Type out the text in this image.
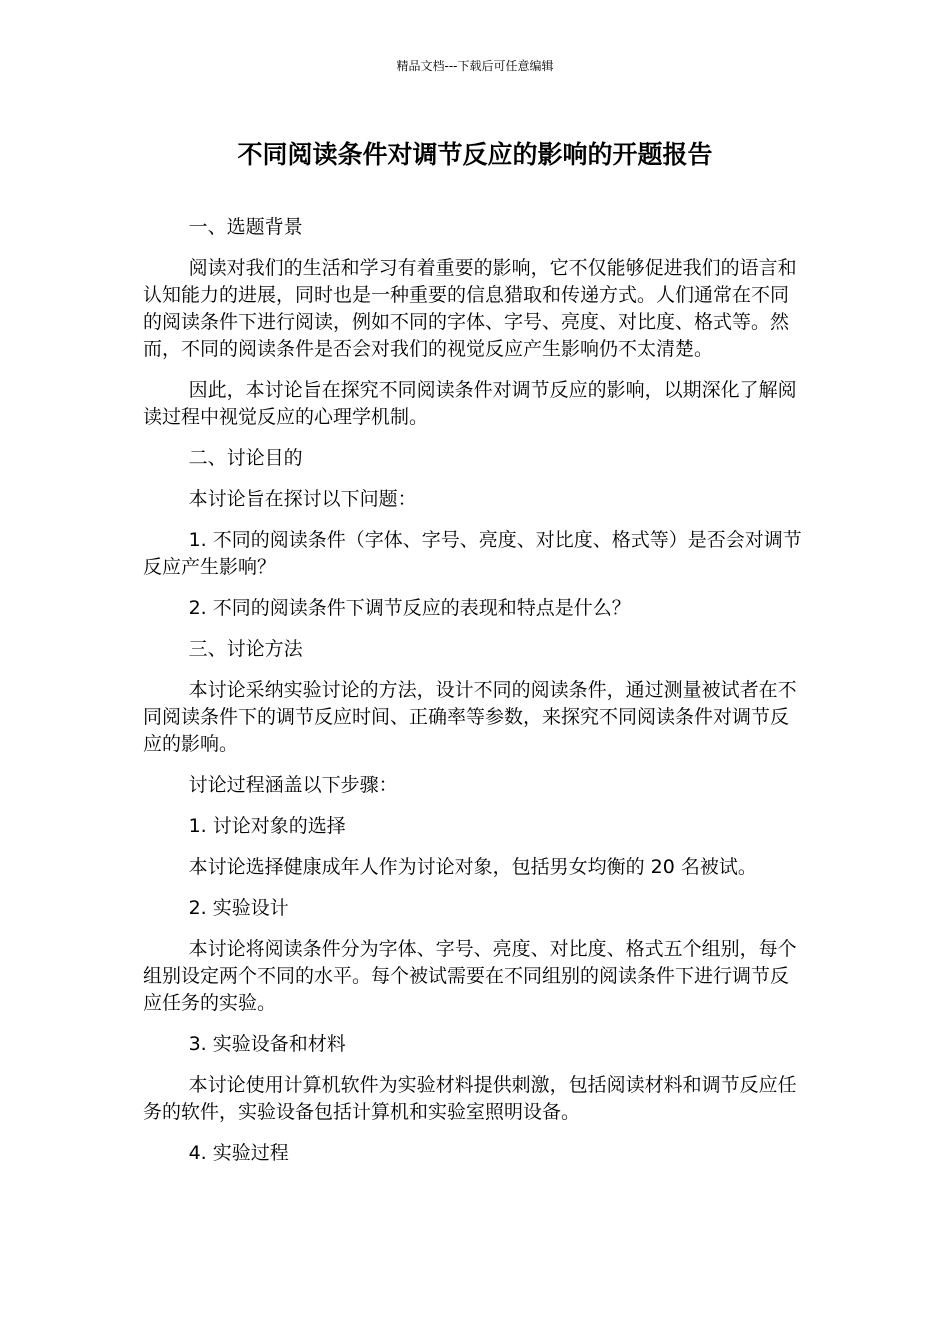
精品文档---下载后可任意编辑
不同阅读条件对调节反应的影响的开题报告

一、选题背景

阅读对我们的生活和学习有着重要的影响，它不仅能够促进我们的语言和认知能力的进展，同时也是一种重要的信息猎取和传递方式。人们通常在不同的阅读条件下进行阅读，例如不同的字体、字号、亮度、对比度、格式等。然而，不同的阅读条件是否会对我们的视觉反应产生影响仍不太清楚。

因此，本讨论旨在探究不同阅读条件对调节反应的影响，以期深化了解阅读过程中视觉反应的心理学机制。

二、讨论目的

本讨论旨在探讨以下问题：

1. 不同的阅读条件（字体、字号、亮度、对比度、格式等）是否会对调节反应产生影响？

2. 不同的阅读条件下调节反应的表现和特点是什么？

三、讨论方法

本讨论采纳实验讨论的方法，设计不同的阅读条件，通过测量被试者在不同阅读条件下的调节反应时间、正确率等参数，来探究不同阅读条件对调节反应的影响。

讨论过程涵盖以下步骤：

1. 讨论对象的选择

本讨论选择健康成年人作为讨论对象，包括男女均衡的 20 名被试。

2. 实验设计

本讨论将阅读条件分为字体、字号、亮度、对比度、格式五个组别，每个组别设定两个不同的水平。每个被试需要在不同组别的阅读条件下进行调节反应任务的实验。

3. 实验设备和材料

本讨论使用计算机软件为实验材料提供刺激，包括阅读材料和调节反应任务的软件，实验设备包括计算机和实验室照明设备。

4. 实验过程
